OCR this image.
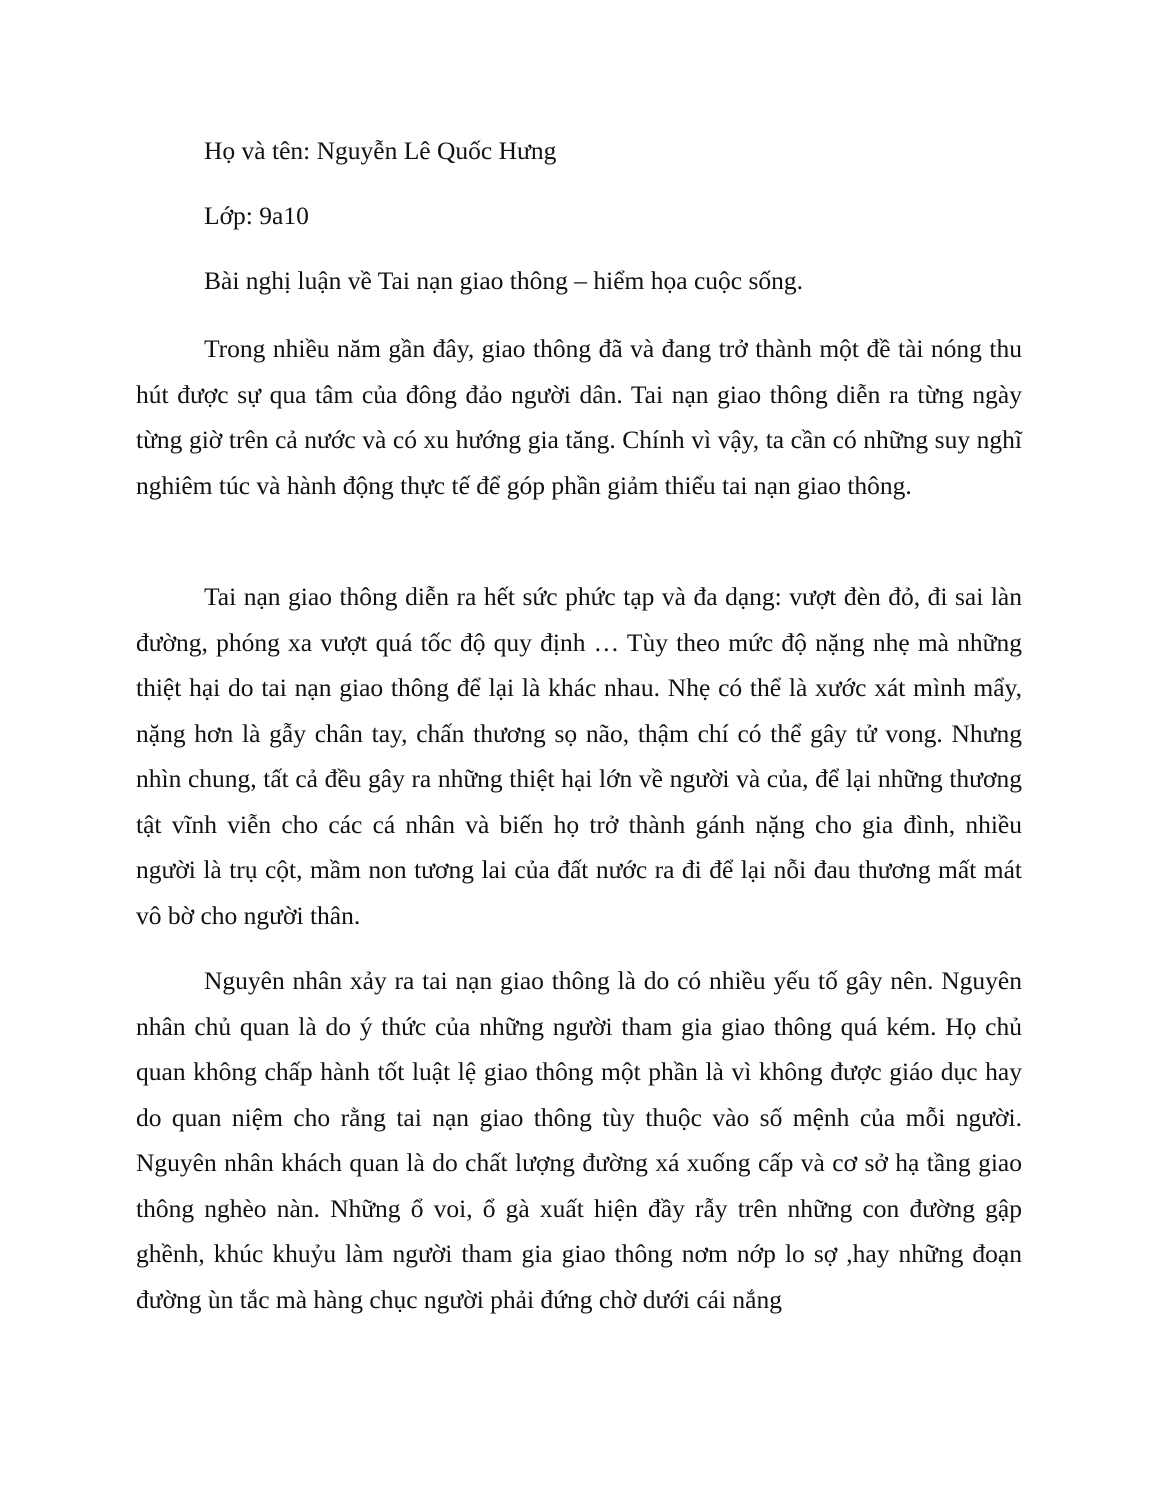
Họ và tên: Nguyễn Lê Quốc Hưng

Lớp: 9a10

Bài nghị luận về Tai nạn giao thông – hiểm họa cuộc sống.

Trong nhiều năm gần đây, giao thông đã và đang trở thành một đề tài nóng thu hút được sự qua tâm của đông đảo người dân. Tai nạn giao thông diễn ra từng ngày từng giờ trên cả nước và có xu hướng gia tăng. Chính vì vậy, ta cần có những suy nghĩ nghiêm túc và hành động thực tế để góp phần giảm thiểu tai nạn giao thông.

Tai nạn giao thông diễn ra hết sức phức tạp và đa dạng: vượt đèn đỏ, đi sai làn đường, phóng xa vượt quá tốc độ quy định … Tùy theo mức độ nặng nhẹ mà những thiệt hại do tai nạn giao thông để lại là khác nhau. Nhẹ có thể là xước xát mình mẩy, nặng hơn là gẫy chân tay, chấn thương sọ não, thậm chí có thể gây tử vong. Nhưng nhìn chung, tất cả đều gây ra những thiệt hại lớn về người và của, để lại những thương tật vĩnh viễn cho các cá nhân và biến họ trở thành gánh nặng cho gia đình, nhiều người là trụ cột, mầm non tương lai của đất nước ra đi để lại nỗi đau thương mất mát vô bờ cho người thân.

Nguyên nhân xảy ra tai nạn giao thông là do có nhiều yếu tố gây nên. Nguyên nhân chủ quan là do ý thức của những người tham gia giao thông quá kém. Họ chủ quan không chấp hành tốt luật lệ giao thông một phần là vì không được giáo dục hay do quan niệm cho rằng tai nạn giao thông tùy thuộc vào số mệnh của mỗi người. Nguyên nhân khách quan là do chất lượng đường xá xuống cấp và cơ sở hạ tầng giao thông nghèo nàn. Những ổ voi, ổ gà xuất hiện đầy rẫy trên những con đường gập ghềnh, khúc khuỷu làm người tham gia giao thông nơm nớp lo sợ ,hay những đoạn đường ùn tắc mà hàng chục người phải đứng chờ dưới cái nắng
